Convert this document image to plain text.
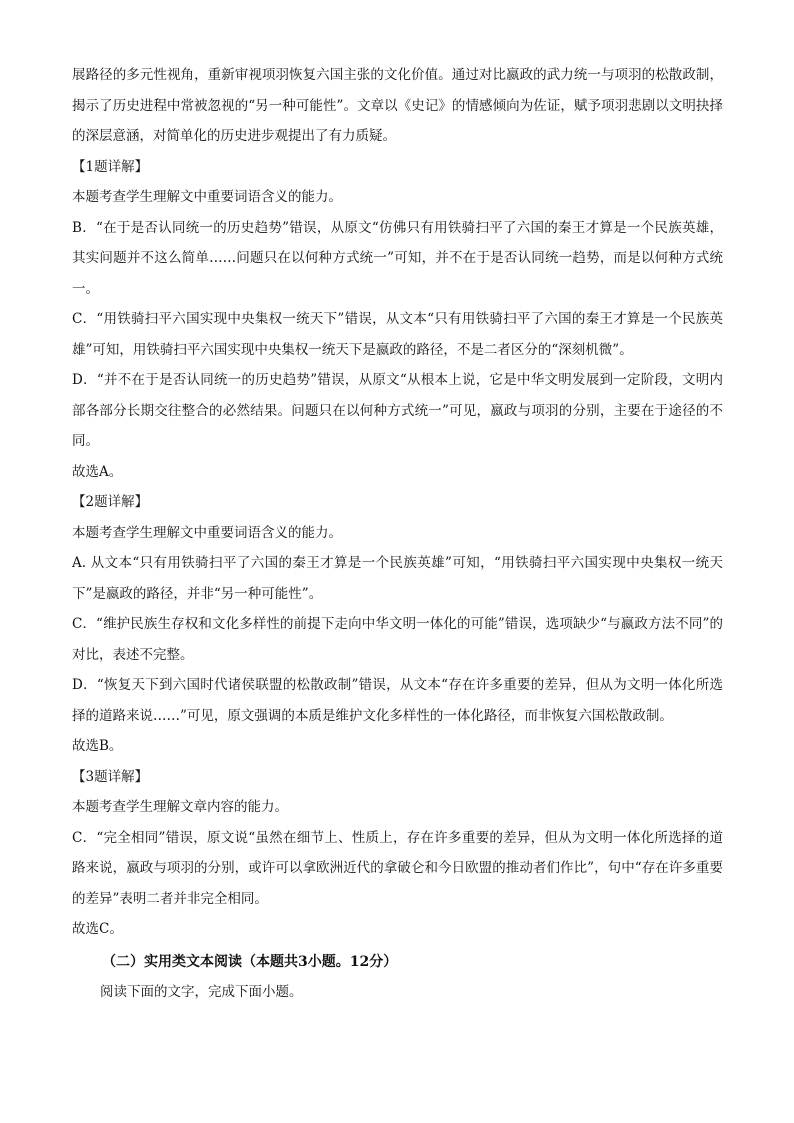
展路径的多元性视角，重新审视项羽恢复六国主张的文化价值。通过对比嬴政的武力统一与项羽的松散政制，揭示了历史进程中常被忽视的“另一种可能性”。文章以《史记》的情感倾向为佐证，赋予项羽悲剧以文明抉择的深层意涵，对简单化的历史进步观提出了有力质疑。

【1题详解】

本题考查学生理解文中重要词语含义的能力。

B．“在于是否认同统一的历史趋势”错误，从原文“仿佛只有用铁骑扫平了六国的秦王才算是一个民族英雄，其实问题并不这么简单……问题只在以何种方式统一”可知，并不在于是否认同统一趋势，而是以何种方式统一。

C．“用铁骑扫平六国实现中央集权一统天下”错误，从文本“只有用铁骑扫平了六国的秦王才算是一个民族英雄”可知，用铁骑扫平六国实现中央集权一统天下是嬴政的路径，不是二者区分的“深刻机微”。

D．“并不在于是否认同统一的历史趋势”错误，从原文“从根本上说，它是中华文明发展到一定阶段，文明内部各部分长期交往整合的必然结果。问题只在以何种方式统一”可见，嬴政与项羽的分别，主要在于途径的不同。

故选A。

【2题详解】

本题考查学生理解文中重要词语含义的能力。

A. 从文本“只有用铁骑扫平了六国的秦王才算是一个民族英雄”可知，“用铁骑扫平六国实现中央集权一统天下”是嬴政的路径，并非“另一种可能性”。

C．“维护民族生存权和文化多样性的前提下走向中华文明一体化的可能”错误，选项缺少“与嬴政方法不同”的对比，表述不完整。

D．“恢复天下到六国时代诸侯联盟的松散政制”错误，从文本“存在许多重要的差异，但从为文明一体化所选择的道路来说……”可见，原文强调的本质是维护文化多样性的一体化路径，而非恢复六国松散政制。

故选B。

【3题详解】

本题考查学生理解文章内容的能力。

C．“完全相同”错误，原文说“虽然在细节上、性质上，存在许多重要的差异，但从为文明一体化所选择的道路来说，嬴政与项羽的分别，或许可以拿欧洲近代的拿破仑和今日欧盟的推动者们作比”，句中“存在许多重要的差异”表明二者并非完全相同。

故选C。

（二）实用类文本阅读（本题共3小题。12分）

阅读下面的文字，完成下面小题。
